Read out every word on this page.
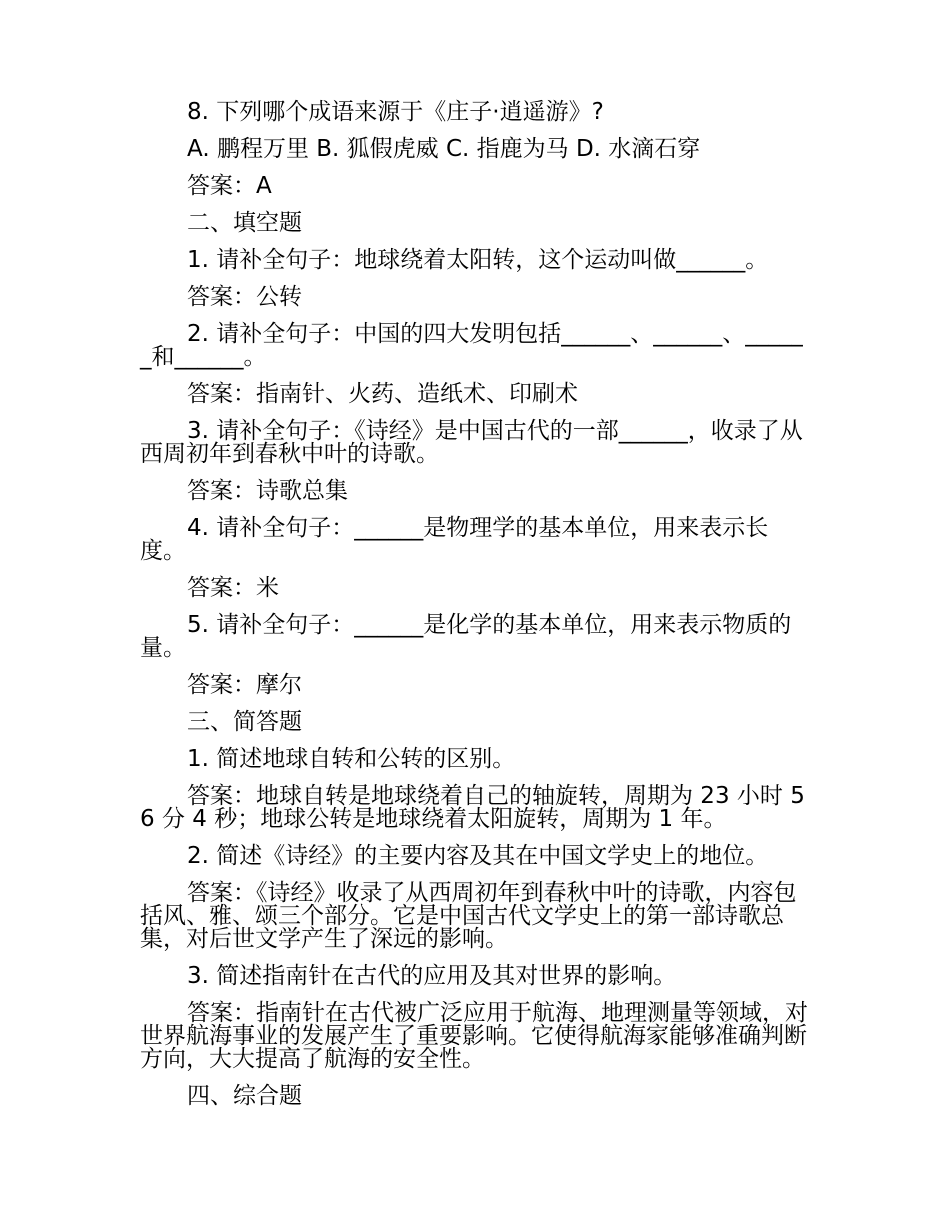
8. 下列哪个成语来源于《庄子·逍遥游》?

A. 鹏程万里 B. 狐假虎威 C. 指鹿为马 D. 水滴石穿

答案：A

二、填空题

1. 请补全句子：地球绕着太阳转，这个运动叫做______。

答案：公转

2. 请补全句子：中国的四大发明包括______、______、______和______。

答案：指南针、火药、造纸术、印刷术

3. 请补全句子：《诗经》是中国古代的一部______，收录了从西周初年到春秋中叶的诗歌。

答案：诗歌总集

4. 请补全句子：______是物理学的基本单位，用来表示长度。

答案：米

5. 请补全句子：______是化学的基本单位，用来表示物质的量。

答案：摩尔

三、简答题

1. 简述地球自转和公转的区别。

答案：地球自转是地球绕着自己的轴旋转，周期为 23 小时 56 分 4 秒；地球公转是地球绕着太阳旋转，周期为 1 年。

2. 简述《诗经》的主要内容及其在中国文学史上的地位。

答案：《诗经》收录了从西周初年到春秋中叶的诗歌，内容包括风、雅、颂三个部分。它是中国古代文学史上的第一部诗歌总集，对后世文学产生了深远的影响。

3. 简述指南针在古代的应用及其对世界的影响。

答案：指南针在古代被广泛应用于航海、地理测量等领域，对世界航海事业的发展产生了重要影响。它使得航海家能够准确判断方向，大大提高了航海的安全性。

四、综合题
